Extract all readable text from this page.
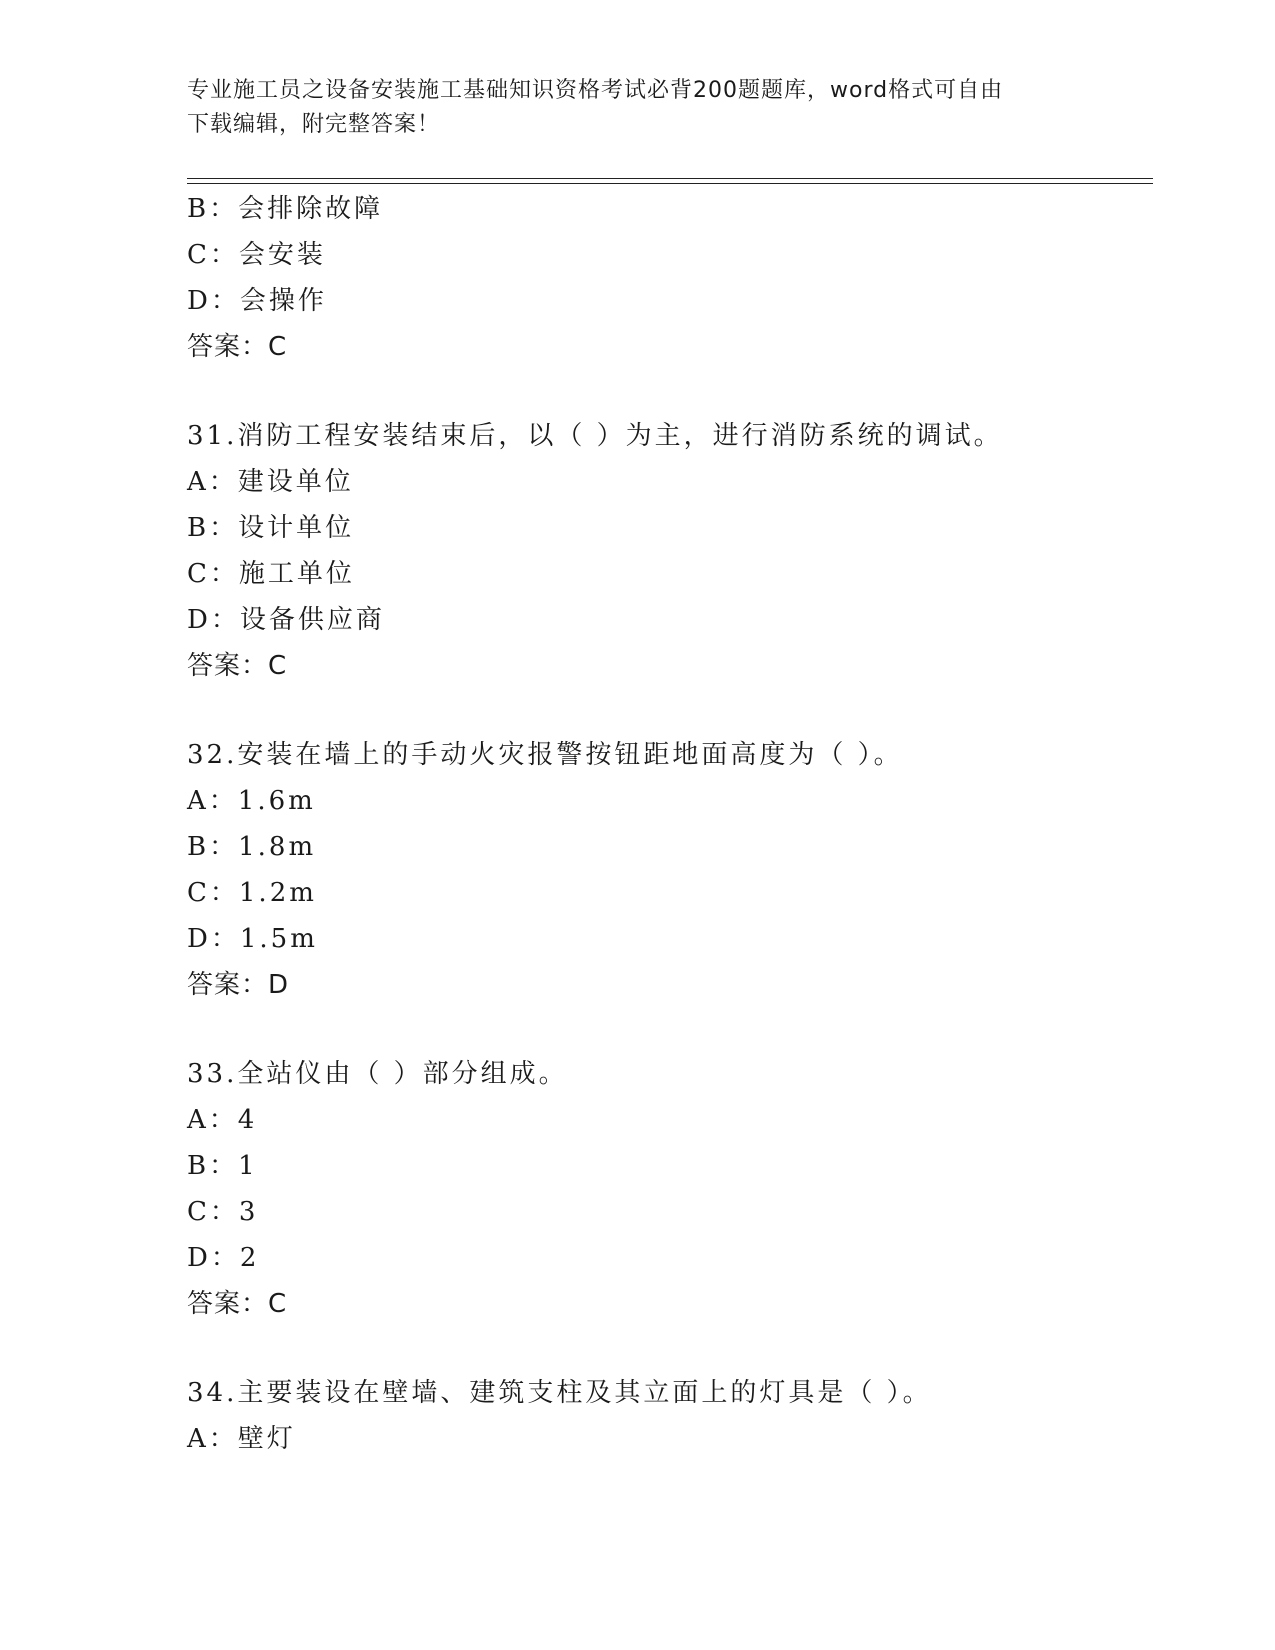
专业施工员之设备安装施工基础知识资格考试必背200题题库，word格式可自由
下载编辑，附完整答案！
B：会排除故障
C：会安装
D：会操作
答案：C
31.消防工程安装结束后，以（ ）为主，进行消防系统的调试。
A：建设单位
B：设计单位
C：施工单位
D：设备供应商
答案：C
32.安装在墙上的手动火灾报警按钮距地面高度为（ ）。
A：1.6m
B：1.8m
C：1.2m
D：1.5m
答案：D
33.全站仪由（ ）部分组成。
A：4
B：1
C：3
D：2
答案：C
34.主要装设在壁墙、建筑支柱及其立面上的灯具是（ ）。
A：壁灯
